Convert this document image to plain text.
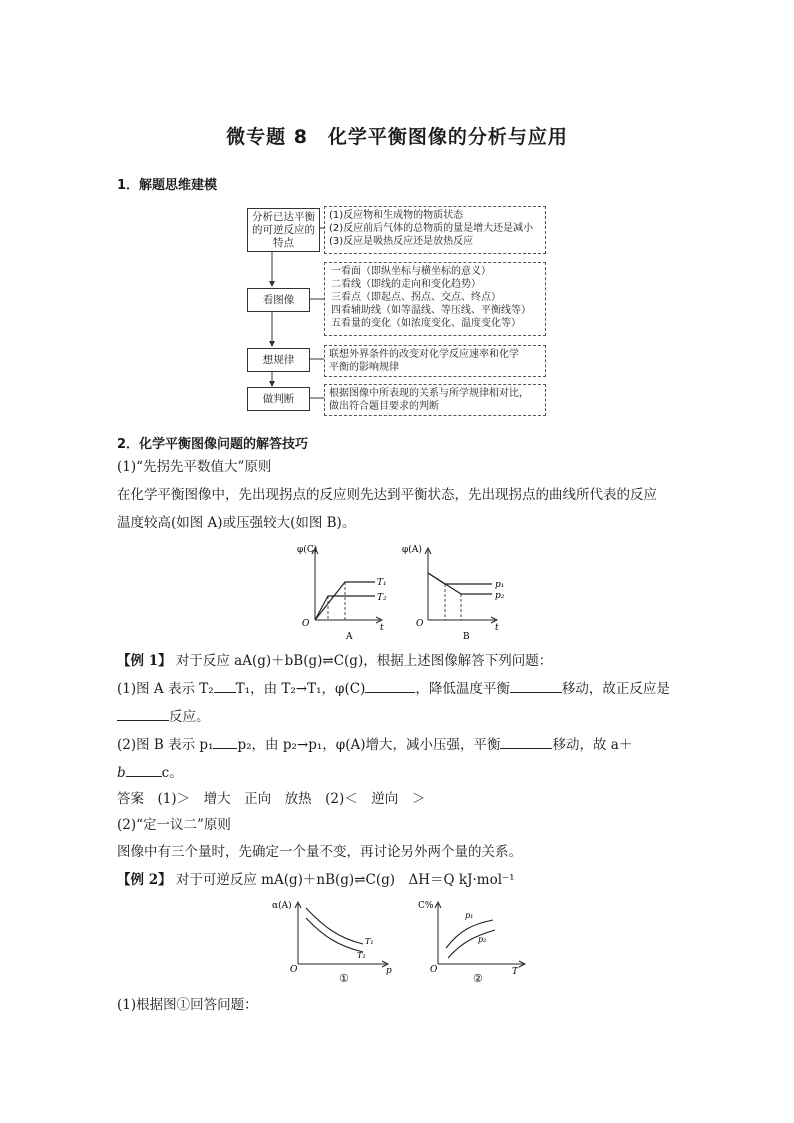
微专题 8　化学平衡图像的分析与应用
1．解题思维建模
分析已达平衡的可逆反应的特点
看图像
想规律
做判断
(1)反应物和生成物的物质状态
(2)反应前后气体的总物质的量是增大还是减小
(3)反应是吸热反应还是放热反应
一看面（即纵坐标与横坐标的意义）
二看线（即线的走向和变化趋势）
三看点（即起点、拐点、交点、终点）
四看辅助线（如等温线、等压线、平衡线等）
五看量的变化（如浓度变化、温度变化等）
联想外界条件的改变对化学反应速率和化学
平衡的影响规律
根据图像中所表现的关系与所学规律相对比，
做出符合题目要求的判断
2．化学平衡图像问题的解答技巧
(1)“先拐先平数值大”原则
在化学平衡图像中，先出现拐点的反应则先达到平衡状态，先出现拐点的曲线所代表的反应
温度较高(如图 A)或压强较大(如图 B)。
φ(C)
O	t
T₁
T₂
A
φ(A)
O	t
p₁
p₂
B
【例 1】 对于反应 aA(g)＋bB(g)⇌C(g)，根据上述图像解答下列问题：
(1)图 A 表示 T₂ T₁，由 T₂→T₁，φ(C)	，降低温度平衡	移动，故正反应是
反应。
(2)图 B 表示 p₁ p₂，由 p₂→p₁，φ(A)增大，减小压强，平衡	移动，故 a＋
b	c。
答案　(1)＞　增大　正向　放热　(2)＜　逆向　＞
(2)“定一议二”原则
图像中有三个量时，先确定一个量不变，再讨论另外两个量的关系。
【例 2】 对于可逆反应 mA(g)＋nB(g)⇌C(g)　ΔH＝Q kJ·mol⁻¹
α(A)
O	p
T₁
T₂
①
C%
O	T
p₁
p₂
②
(1)根据图①回答问题：
